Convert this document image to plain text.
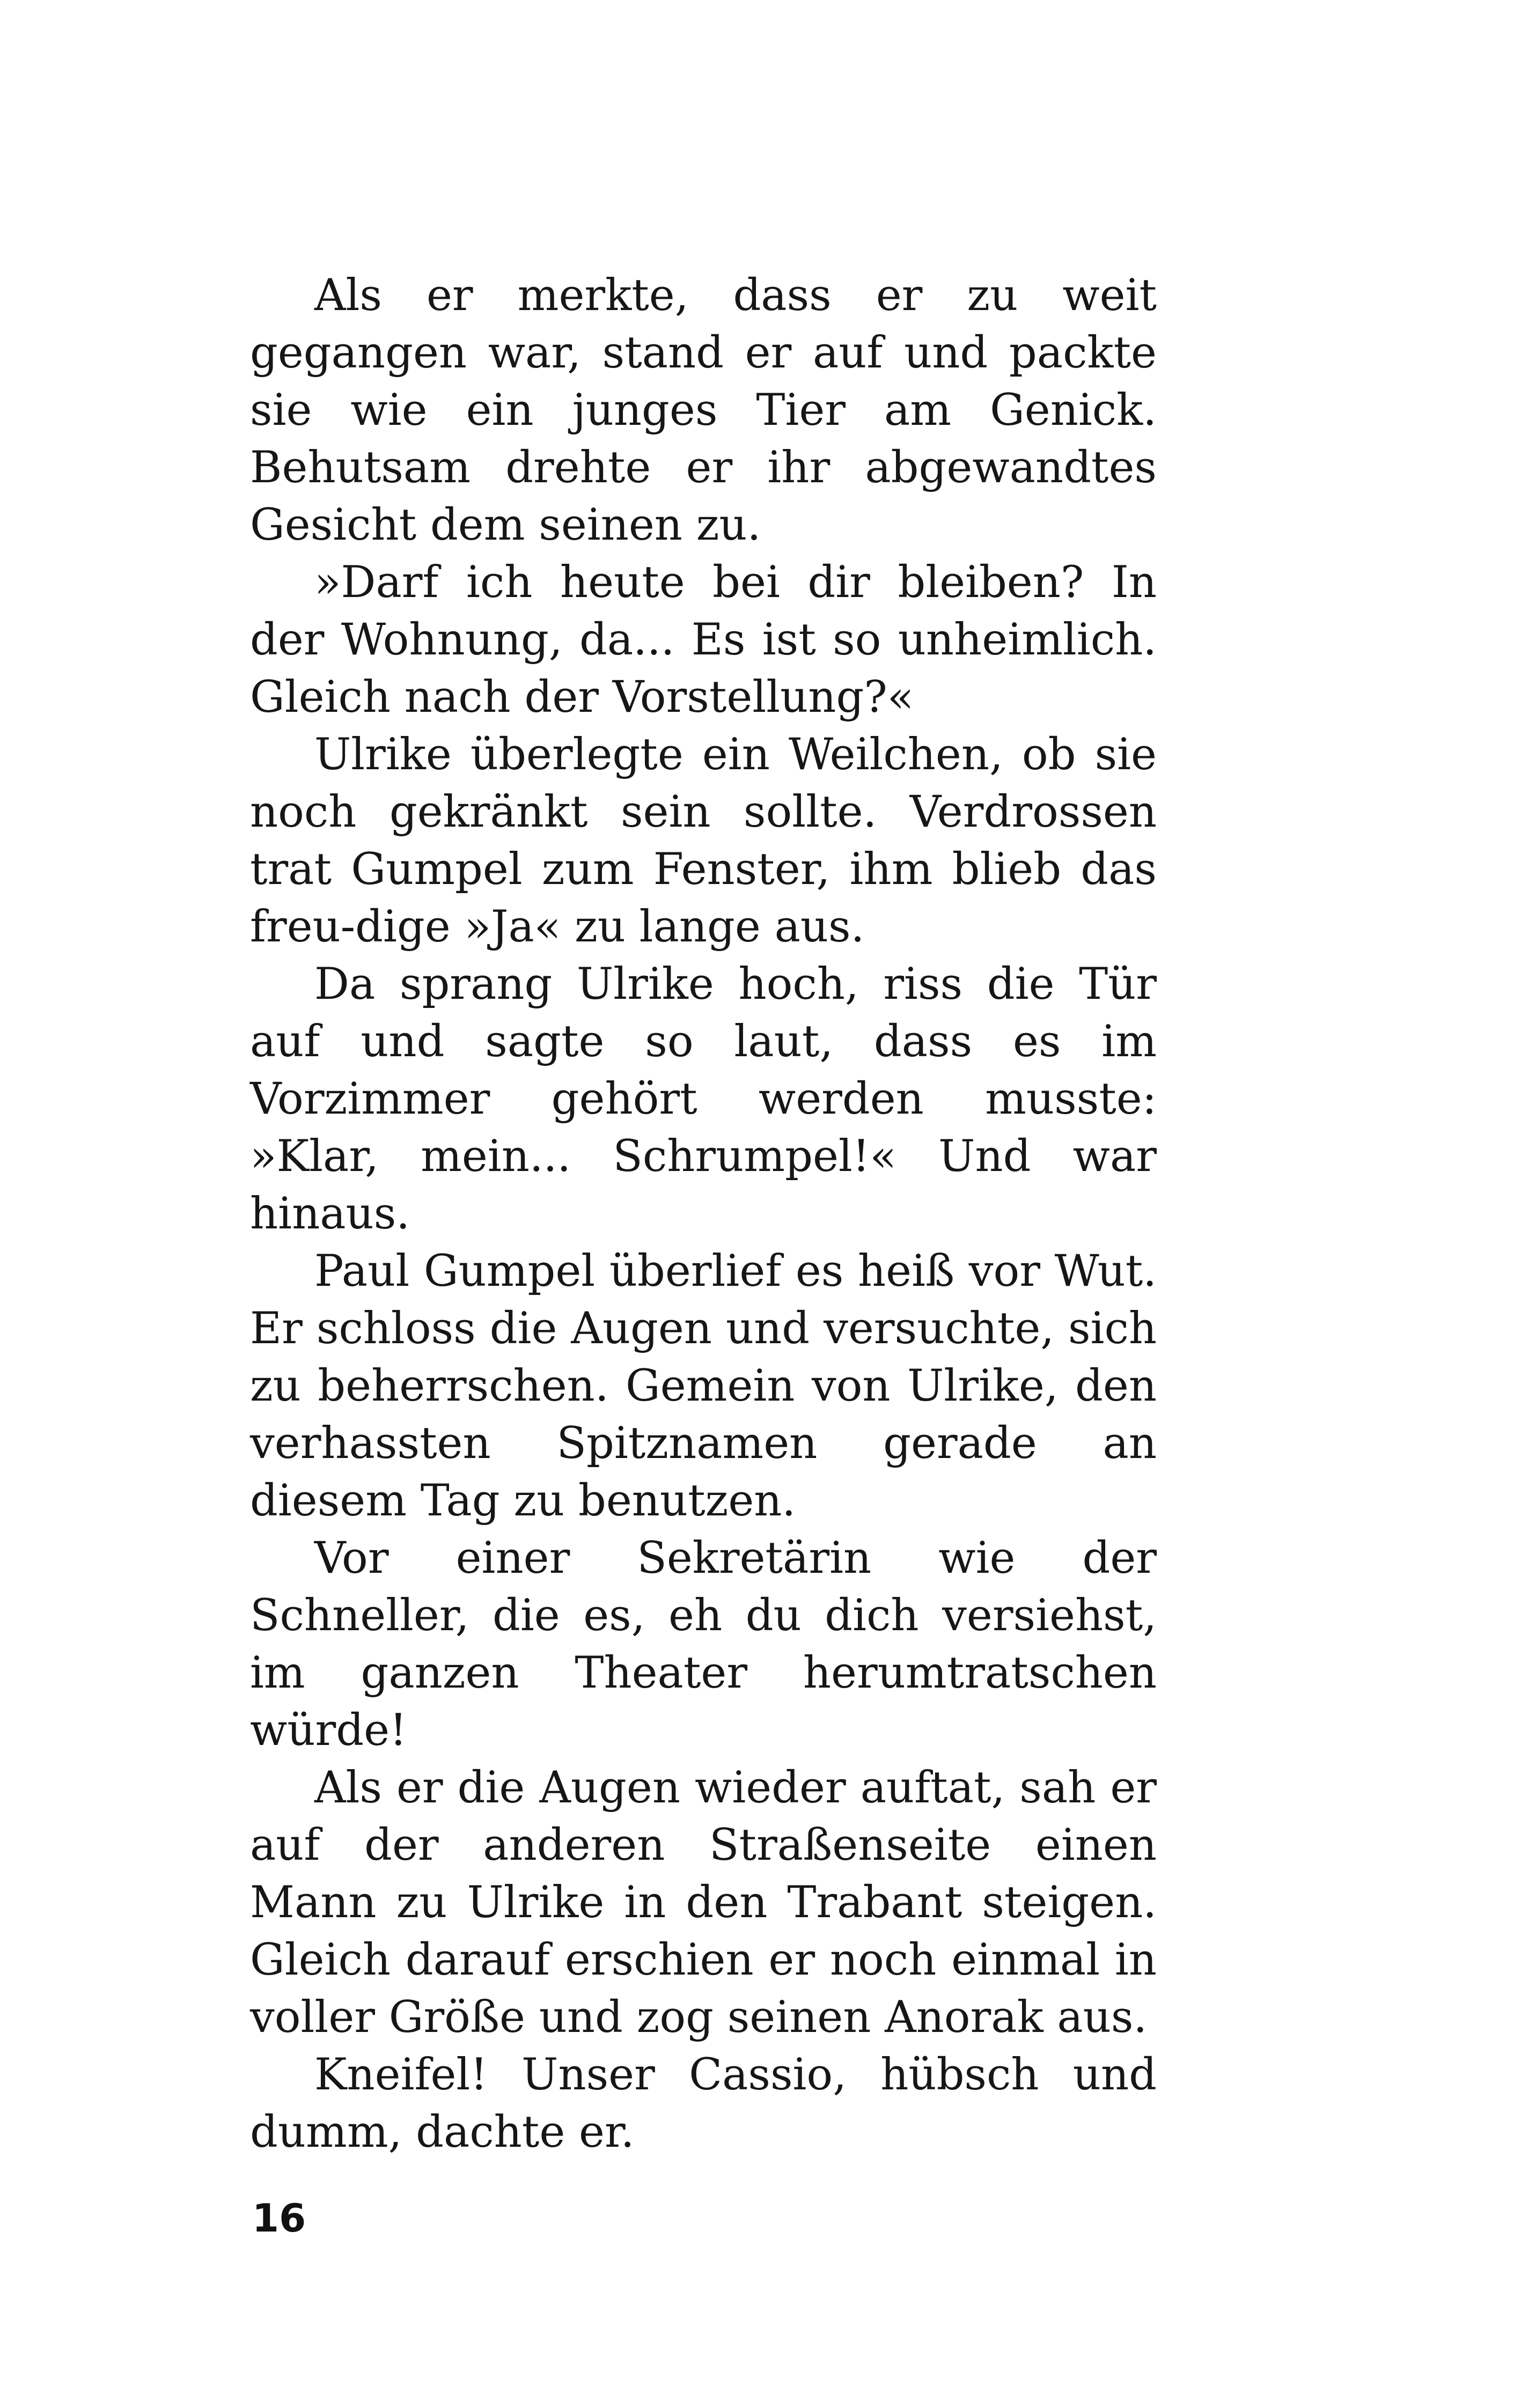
Als er merkte, dass er zu weit gegangen war, stand er auf und packte sie wie ein junges Tier am Genick. Behutsam drehte er ihr abgewandtes Gesicht dem seinen zu.

»Darf ich heute bei dir bleiben? In der Wohnung, da... Es ist so unheimlich. Gleich nach der Vorstellung?«

Ulrike überlegte ein Weilchen, ob sie noch gekränkt sein sollte. Verdrossen trat Gumpel zum Fenster, ihm blieb das freu-dige »Ja« zu lange aus.

Da sprang Ulrike hoch, riss die Tür auf und sagte so laut, dass es im Vorzimmer gehört werden musste: »Klar, mein... Schrumpel!« Und war hinaus.

Paul Gumpel überlief es heiß vor Wut. Er schloss die Augen und versuchte, sich zu beherrschen. Gemein von Ulrike, den verhassten Spitznamen gerade an diesem Tag zu benutzen.

Vor einer Sekretärin wie der Schneller, die es, eh du dich versiehst, im ganzen Theater herumtratschen würde!

Als er die Augen wieder auftat, sah er auf der anderen Straßenseite einen Mann zu Ulrike in den Trabant steigen. Gleich darauf erschien er noch einmal in voller Größe und zog seinen Anorak aus.

Kneifel! Unser Cassio, hübsch und dumm, dachte er.

16
